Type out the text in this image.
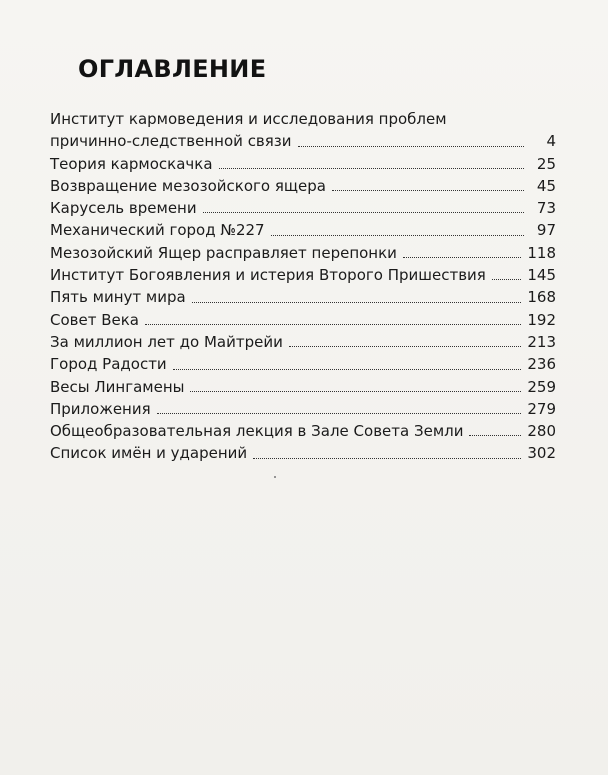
ОГЛАВЛЕНИЕ
Институт кармоведения и исследования проблем
причинно-следственной связи	4
Теория кармоскачка	25
Возвращение мезозойского ящера	45
Карусель времени	73
Механический город №227	97
Мезозойский Ящер расправляет перепонки	118
Институт Богоявления и истерия Второго Пришествия	145
Пять минут мира	168
Совет Века	192
За миллион лет до Майтрейи	213
Город Радости	236
Весы Лингамены	259
Приложения	279
Общеобразовательная лекция в Зале Совета Земли	280
Список имён и ударений	302
